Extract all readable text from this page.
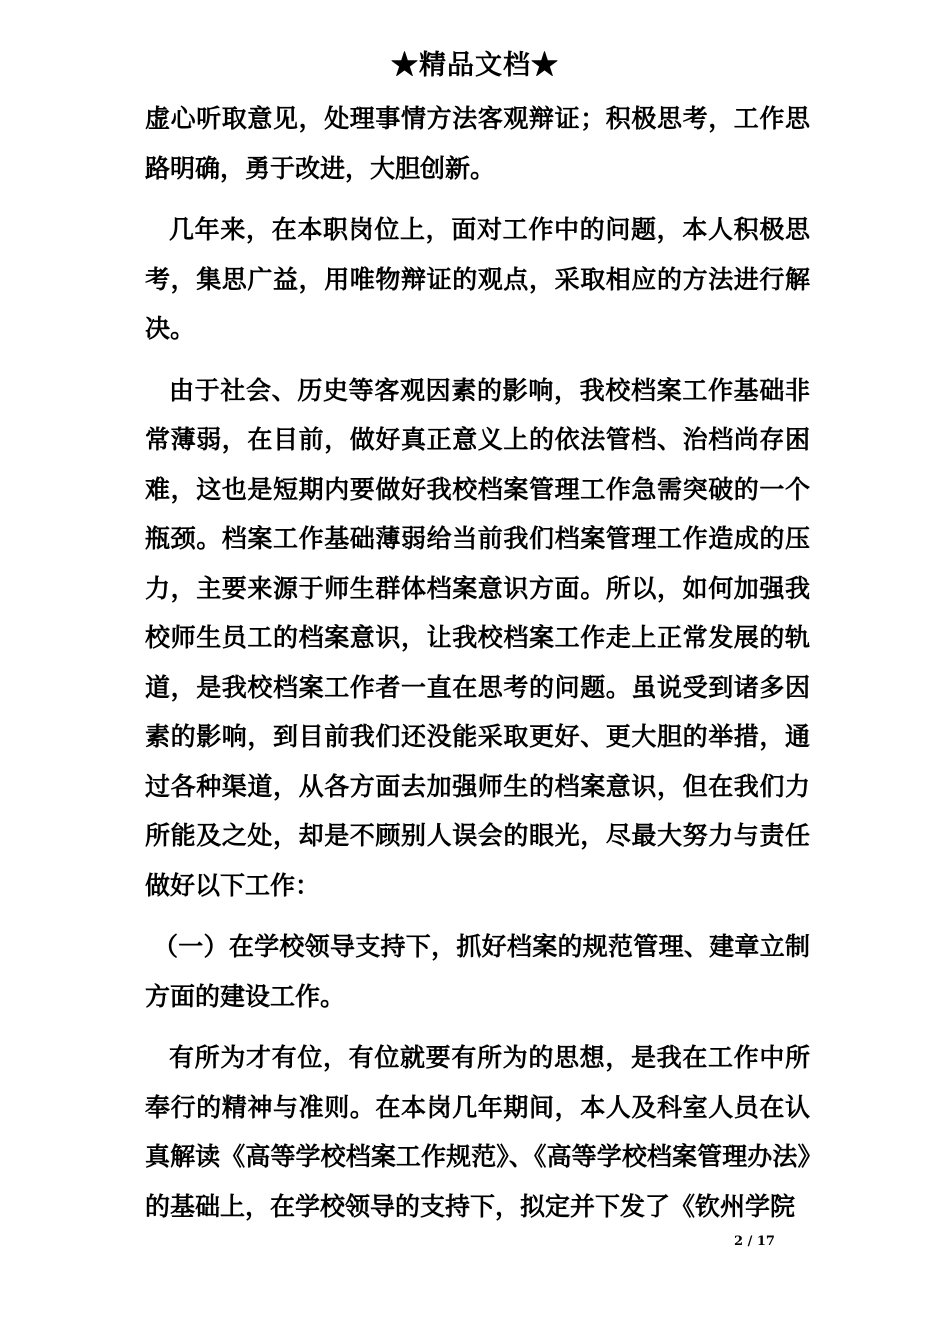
★精品文档★

虚心听取意见，处理事情方法客观辩证；积极思考，工作思路明确，勇于改进，大胆创新。

几年来，在本职岗位上，面对工作中的问题，本人积极思考，集思广益，用唯物辩证的观点，采取相应的方法进行解决。

由于社会、历史等客观因素的影响，我校档案工作基础非常薄弱，在目前，做好真正意义上的依法管档、治档尚存困难，这也是短期内要做好我校档案管理工作急需突破的一个瓶颈。档案工作基础薄弱给当前我们档案管理工作造成的压力，主要来源于师生群体档案意识方面。所以，如何加强我校师生员工的档案意识，让我校档案工作走上正常发展的轨道，是我校档案工作者一直在思考的问题。虽说受到诸多因素的影响，到目前我们还没能采取更好、更大胆的举措，通过各种渠道，从各方面去加强师生的档案意识，但在我们力所能及之处，却是不顾别人误会的眼光，尽最大努力与责任做好以下工作：

（一）在学校领导支持下，抓好档案的规范管理、建章立制方面的建设工作。

有所为才有位，有位就要有所为的思想，是我在工作中所奉行的精神与准则。在本岗几年期间，本人及科室人员在认真解读《高等学校档案工作规范》、《高等学校档案管理办法》的基础上，在学校领导的支持下，拟定并下发了《钦州学院

2 / 17
